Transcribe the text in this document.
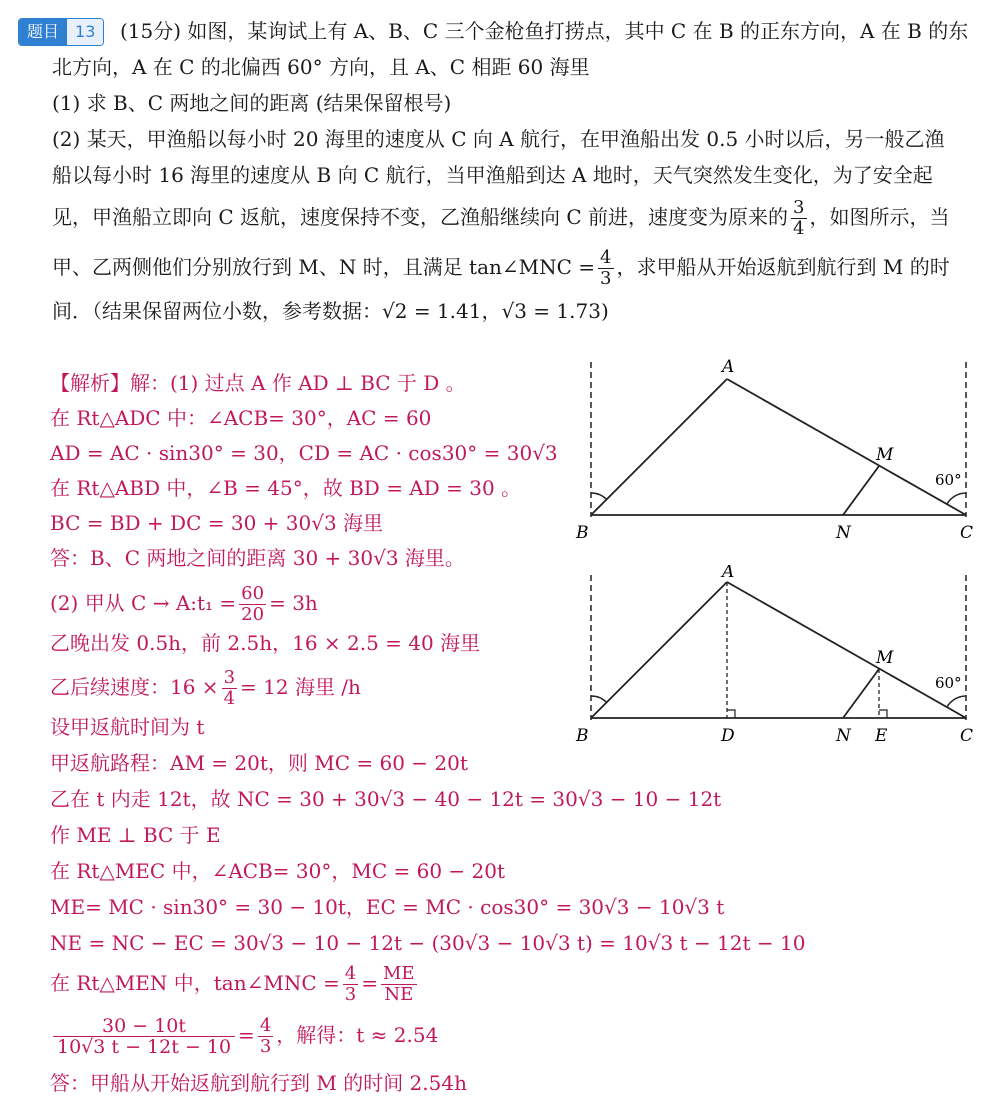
题目	13	(15分) 如图，某询试上有 A、B、C 三个金枪鱼打捞点，其中 C 在 B 的正东方向，A 在 B 的东
北方向，A 在 C 的北偏西 60° 方向，且 A、C 相距 60 海里
(1) 求 B、C 两地之间的距离 (结果保留根号)
(2) 某天，甲渔船以每小时 20 海里的速度从 C 向 A 航行，在甲渔船出发 0.5 小时以后，另一般乙渔
船以每小时 16 海里的速度从 B 向 C 航行，当甲渔船到达 A 地时，天气突然发生变化，为了安全起
见，甲渔船立即向 C 返航，速度保持不变，乙渔船继续向 C 前进，速度变为原来的 $\frac{3}{4}$ ，如图所示，当
甲、乙两侧他们分别放行到 M、N 时，且满足 tan∠MNC = $\frac{4}{3}$ ，求甲船从开始返航到航行到 M 的时
间．（结果保留两位小数，参考数据：√2 = 1.41，√3 = 1.73)
【解析】解：(1) 过点 A 作 AD ⊥ BC 于 D 。
在 Rt△ADC 中：∠ACB= 30°，AC = 60
AD = AC · sin30° = 30，CD = AC · cos30° = 30√3
在 Rt△ABD 中，∠B = 45°，故 BD = AD = 30 。
BC = BD + DC = 30 + 30√3 海里
答：B、C 两地之间的距离 30 + 30√3 海里。
(2) 甲从 C → A:t₁ = $\frac{60}{20} = 3h$
乙晚出发 0.5h，前 2.5h，16 × 2.5 = 40 海里
乙后续速度：$16 \times \frac{3}{4} = 12$ 海里 /h
设甲返航时间为 t
甲返航路程：AM = 20t，则 MC = 60 − 20t
乙在 t 内走 12t，故 NC = 30 + 30√3 − 40 − 12t = 30√3 − 10 − 12t
作 ME ⊥ BC 于 E
在 Rt△MEC 中，∠ACB= 30°，MC = 60 − 20t
ME= MC · sin30° = 30 − 10t，EC = MC · cos30° = 30√3 − 10√3 t
NE = NC − EC = 30√3 − 10 − 12t − (30√3 − 10√3 t) = 10√3 t − 12t − 10
在 Rt△MEN 中，tan∠MNC = $\frac{4}{3} = \frac{ME}{NE}$
$\frac{30 - 10t}{10√3 t - 12t - 10} = \frac{4}{3}$ ，解得：t ≈ 2.54
答：甲船从开始返航到航行到 M 的时间 2.54h
A
B	C
M
N
60°
A
B	C
M
N
D	E
60°
